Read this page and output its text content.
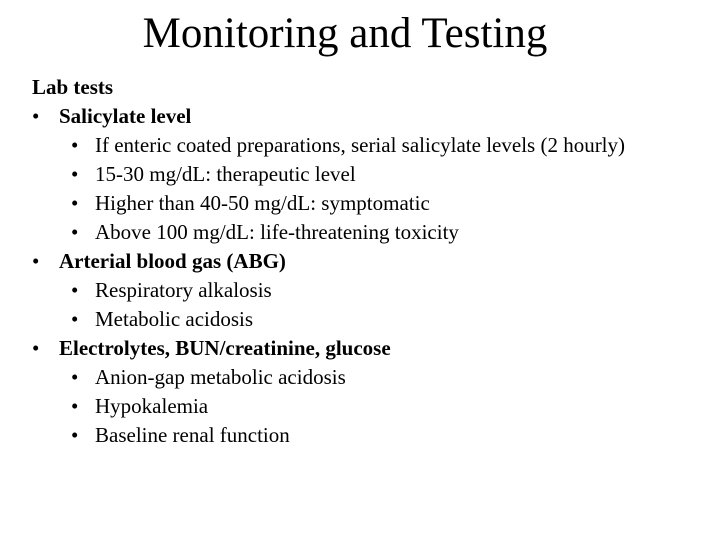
Monitoring and Testing
Lab tests
• Salicylate level
• If enteric coated preparations, serial salicylate levels (2 hourly)
• 15-30 mg/dL: therapeutic level
• Higher than 40-50 mg/dL: symptomatic
• Above 100 mg/dL: life-threatening toxicity
• Arterial blood gas (ABG)
• Respiratory alkalosis
• Metabolic acidosis
• Electrolytes, BUN/creatinine, glucose
• Anion-gap metabolic acidosis
• Hypokalemia
• Baseline renal function
